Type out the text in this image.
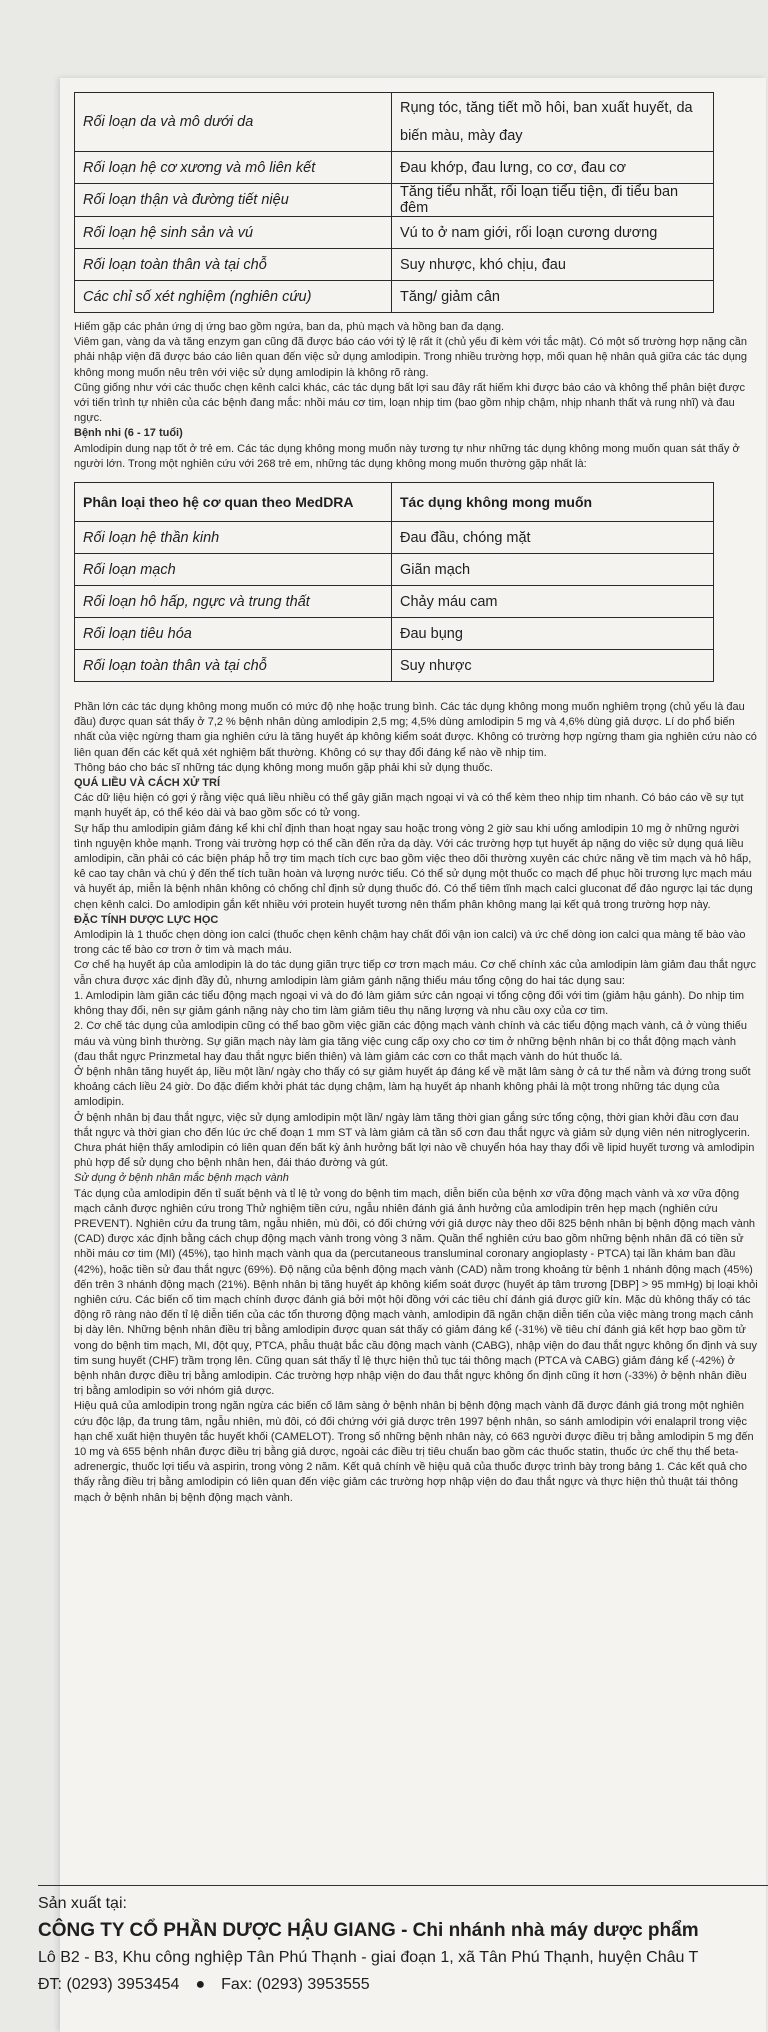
Rối loạn da và mô dưới da	Rụng tóc, tăng tiết mồ hôi, ban xuất huyết, da biến màu, mày đay
Rối loạn hệ cơ xương và mô liên kết	Đau khớp, đau lưng, co cơ, đau cơ
Rối loạn thận và đường tiết niệu	Tăng tiểu nhắt, rối loạn tiểu tiện, đi tiểu ban đêm
Rối loạn hệ sinh sản và vú	Vú to ở nam giới, rối loạn cương dương
Rối loạn toàn thân và tại chỗ	Suy nhược, khó chịu, đau
Các chỉ số xét nghiệm (nghiên cứu)	Tăng/ giảm cân

Hiếm gặp các phản ứng dị ứng bao gồm ngứa, ban da, phù mạch và hồng ban đa dạng.

Viêm gan, vàng da và tăng enzym gan cũng đã được báo cáo với tỷ lệ rất ít (chủ yếu đi kèm với tắc mật). Có một số trường hợp nặng cần phải nhập viện đã được báo cáo liên quan đến việc sử dụng amlodipin. Trong nhiều trường hợp, mối quan hệ nhân quả giữa các tác dụng không mong muốn nêu trên với việc sử dụng amlodipin là không rõ ràng.

Cũng giống như với các thuốc chẹn kênh calci khác, các tác dụng bất lợi sau đây rất hiếm khi được báo cáo và không thể phân biệt được với tiến trình tự nhiên của các bệnh đang mắc: nhồi máu cơ tim, loạn nhịp tim (bao gồm nhịp chậm, nhịp nhanh thất và rung nhĩ) và đau ngực.

Bệnh nhi (6 - 17 tuổi)

Amlodipin dung nạp tốt ở trẻ em. Các tác dụng không mong muốn này tương tự như những tác dụng không mong muốn quan sát thấy ở người lớn. Trong một nghiên cứu với 268 trẻ em, những tác dụng không mong muốn thường gặp nhất là:

Phân loại theo hệ cơ quan theo MedDRA	Tác dụng không mong muốn
Rối loạn hệ thần kinh	Đau đầu, chóng mặt
Rối loạn mạch	Giãn mạch
Rối loạn hô hấp, ngực và trung thất	Chảy máu cam
Rối loạn tiêu hóa	Đau bụng
Rối loạn toàn thân và tại chỗ	Suy nhược

Phần lớn các tác dụng không mong muốn có mức độ nhẹ hoặc trung bình. Các tác dụng không mong muốn nghiêm trọng (chủ yếu là đau đầu) được quan sát thấy ở 7,2 % bệnh nhân dùng amlodipin 2,5 mg; 4,5% dùng amlodipin 5 mg và 4,6% dùng giả dược. Lí do phổ biến nhất của việc ngừng tham gia nghiên cứu là tăng huyết áp không kiểm soát được. Không có trường hợp ngừng tham gia nghiên cứu nào có liên quan đến các kết quả xét nghiệm bất thường. Không có sự thay đổi đáng kể nào về nhịp tim.

Thông báo cho bác sĩ những tác dụng không mong muốn gặp phải khi sử dụng thuốc.

QUÁ LIỀU VÀ CÁCH XỬ TRÍ

Các dữ liệu hiện có gợi ý rằng việc quá liều nhiều có thể gây giãn mạch ngoại vi và có thể kèm theo nhịp tim nhanh. Có báo cáo về sự tụt mạnh huyết áp, có thể kéo dài và bao gồm sốc có tử vong.

Sự hấp thu amlodipin giảm đáng kể khi chỉ định than hoạt ngay sau hoặc trong vòng 2 giờ sau khi uống amlodipin 10 mg ở những người tình nguyện khỏe mạnh. Trong vài trường hợp có thể cần đến rửa dạ dày. Với các trường hợp tụt huyết áp nặng do việc sử dụng quá liều amlodipin, cần phải có các biện pháp hỗ trợ tim mạch tích cực bao gồm việc theo dõi thường xuyên các chức năng về tim mạch và hô hấp, kê cao tay chân và chú ý đến thể tích tuần hoàn và lượng nước tiểu. Có thể sử dụng một thuốc co mạch để phục hồi trương lực mạch máu và huyết áp, miễn là bệnh nhân không có chống chỉ định sử dụng thuốc đó. Có thể tiêm tĩnh mạch calci gluconat để đảo ngược lại tác dụng chẹn kênh calci. Do amlodipin gắn kết nhiều với protein huyết tương nên thẩm phân không mang lại kết quả trong trường hợp này.

ĐẶC TÍNH DƯỢC LỰC HỌC

Amlodipin là 1 thuốc chẹn dòng ion calci (thuốc chẹn kênh chậm hay chất đối vận ion calci) và ức chế dòng ion calci qua màng tế bào vào trong các tế bào cơ trơn ở tim và mạch máu.

Cơ chế hạ huyết áp của amlodipin là do tác dụng giãn trực tiếp cơ trơn mạch máu. Cơ chế chính xác của amlodipin làm giảm đau thắt ngực vẫn chưa được xác định đầy đủ, nhưng amlodipin làm giảm gánh nặng thiếu máu tổng cộng do hai tác dụng sau:

1. Amlodipin làm giãn các tiểu động mạch ngoại vi và do đó làm giảm sức cản ngoại vi tổng cộng đối với tim (giảm hậu gánh). Do nhịp tim không thay đổi, nên sự giảm gánh nặng này cho tim làm giảm tiêu thụ năng lượng và nhu cầu oxy của cơ tim.

2. Cơ chế tác dụng của amlodipin cũng có thể bao gồm việc giãn các động mạch vành chính và các tiểu động mạch vành, cả ở vùng thiếu máu và vùng bình thường. Sự giãn mạch này làm gia tăng việc cung cấp oxy cho cơ tim ở những bệnh nhân bị co thắt động mạch vành (đau thắt ngực Prinzmetal hay đau thắt ngực biến thiên) và làm giảm các cơn co thắt mạch vành do hút thuốc lá.

Ở bệnh nhân tăng huyết áp, liều một lần/ ngày cho thấy có sự giảm huyết áp đáng kể về mặt lâm sàng ở cả tư thế nằm và đứng trong suốt khoảng cách liều 24 giờ. Do đặc điểm khởi phát tác dụng chậm, làm hạ huyết áp nhanh không phải là một trong những tác dụng của amlodipin.

Ở bệnh nhân bị đau thắt ngực, việc sử dụng amlodipin một lần/ ngày làm tăng thời gian gắng sức tổng cộng, thời gian khởi đầu cơn đau thắt ngực và thời gian cho đến lúc ức chế đoạn 1 mm ST và làm giảm cả tần số cơn đau thắt ngực và giảm sử dụng viên nén nitroglycerin.

Chưa phát hiện thấy amlodipin có liên quan đến bất kỳ ảnh hưởng bất lợi nào về chuyển hóa hay thay đổi về lipid huyết tương và amlodipin phù hợp để sử dụng cho bệnh nhân hen, đái tháo đường và gút.

Sử dụng ở bệnh nhân mắc bệnh mạch vành

Tác dụng của amlodipin đến tỉ suất bệnh và tỉ lệ tử vong do bệnh tim mạch, diễn biến của bệnh xơ vữa động mạch vành và xơ vữa động mạch cảnh được nghiên cứu trong Thử nghiệm tiền cứu, ngẫu nhiên đánh giá ảnh hưởng của amlodipin trên hẹp mạch (nghiên cứu PREVENT). Nghiên cứu đa trung tâm, ngẫu nhiên, mù đôi, có đối chứng với giả dược này theo dõi 825 bệnh nhân bị bệnh động mạch vành (CAD) được xác định bằng cách chụp động mạch vành trong vòng 3 năm. Quần thể nghiên cứu bao gồm những bệnh nhân đã có tiền sử nhồi máu cơ tim (MI) (45%), tạo hình mạch vành qua da (percutaneous transluminal coronary angioplasty - PTCA) tại lần khám ban đầu (42%), hoặc tiền sử đau thắt ngực (69%). Độ nặng của bệnh động mạch vành (CAD) nằm trong khoảng từ bệnh 1 nhánh động mạch (45%) đến trên 3 nhánh động mạch (21%). Bệnh nhân bị tăng huyết áp không kiểm soát được (huyết áp tâm trương [DBP] > 95 mmHg) bị loại khỏi nghiên cứu. Các biến cố tim mạch chính được đánh giá bởi một hội đồng với các tiêu chí đánh giá được giữ kín. Mặc dù không thấy có tác động rõ ràng nào đến tỉ lệ diễn tiến của các tổn thương động mạch vành, amlodipin đã ngăn chặn diễn tiến của việc màng trong mạch cảnh bị dày lên. Những bệnh nhân điều trị bằng amlodipin được quan sát thấy có giảm đáng kể (-31%) về tiêu chí đánh giá kết hợp bao gồm tử vong do bệnh tim mạch, MI, đột quỵ, PTCA, phẫu thuật bắc cầu động mạch vành (CABG), nhập viện do đau thắt ngực không ổn định và suy tim sung huyết (CHF) trầm trọng lên. Cũng quan sát thấy tỉ lệ thực hiện thủ tục tái thông mạch (PTCA và CABG) giảm đáng kể (-42%) ở bệnh nhân được điều trị bằng amlodipin. Các trường hợp nhập viện do đau thắt ngực không ổn định cũng ít hơn (-33%) ở bệnh nhân điều trị bằng amlodipin so với nhóm giả dược.

Hiệu quả của amlodipin trong ngăn ngừa các biến cố lâm sàng ở bệnh nhân bị bệnh động mạch vành đã được đánh giá trong một nghiên cứu độc lập, đa trung tâm, ngẫu nhiên, mù đôi, có đối chứng với giả dược trên 1997 bệnh nhân, so sánh amlodipin với enalapril trong việc hạn chế xuất hiện thuyên tắc huyết khối (CAMELOT). Trong số những bệnh nhân này, có 663 người được điều trị bằng amlodipin 5 mg đến 10 mg và 655 bệnh nhân được điều trị bằng giả dược, ngoài các điều trị tiêu chuẩn bao gồm các thuốc statin, thuốc ức chế thụ thể beta-adrenergic, thuốc lợi tiểu và aspirin, trong vòng 2 năm. Kết quả chính về hiệu quả của thuốc được trình bày trong bảng 1. Các kết quả cho thấy rằng điều trị bằng amlodipin có liên quan đến việc giảm các trường hợp nhập viện do đau thắt ngực và thực hiện thủ thuật tái thông mạch ở bệnh nhân bị bệnh động mạch vành.

Sản xuất tại:
CÔNG TY CỔ PHẦN DƯỢC HẬU GIANG - Chi nhánh nhà máy dược phẩm
Lô B2 - B3, Khu công nghiệp Tân Phú Thạnh - giai đoạn 1, xã Tân Phú Thạnh, huyện Châu T
ĐT: (0293) 3953454 ● Fax: (0293) 3953555
